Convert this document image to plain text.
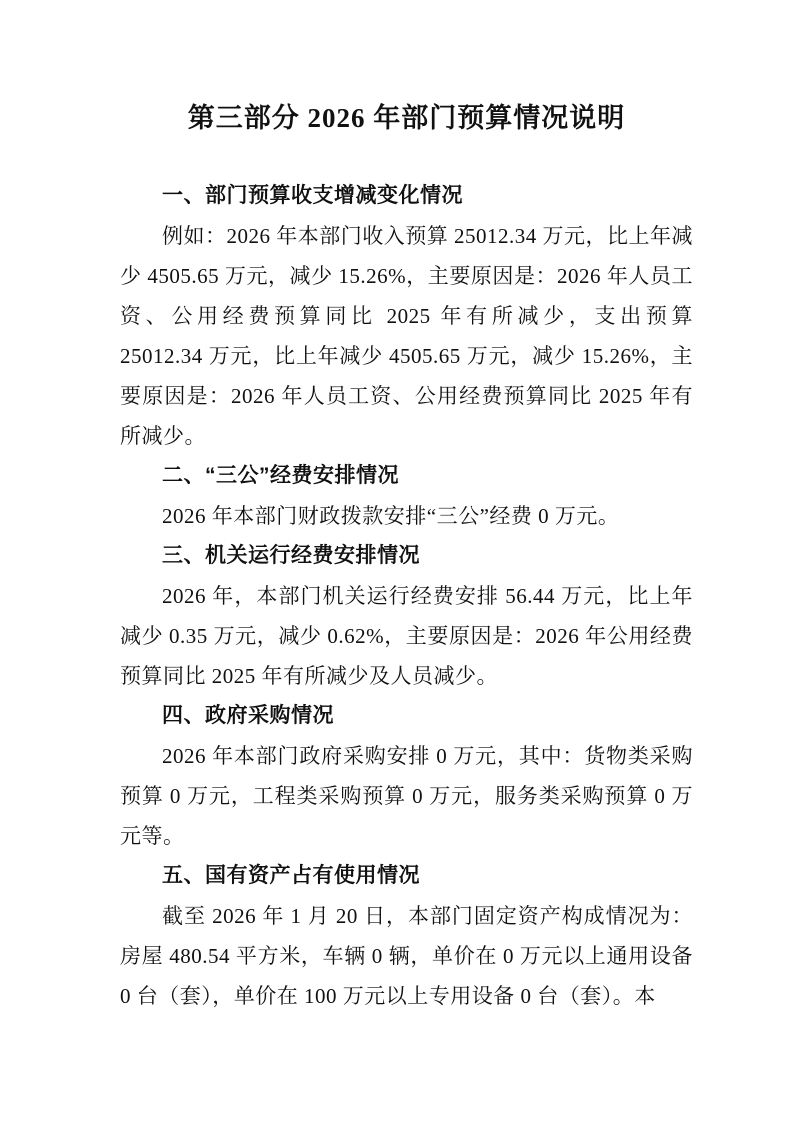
第三部分 2026 年部门预算情况说明
一、部门预算收支增减变化情况

例如：2026 年本部门收入预算 25012.34 万元，比上年减少 4505.65 万元，减少 15.26%，主要原因是：2026 年人员工资、公用经费预算同比 2025 年有所减少，支出预算 25012.34 万元，比上年减少 4505.65 万元，减少 15.26%，主要原因是：2026 年人员工资、公用经费预算同比 2025 年有所减少。

二、“三公”经费安排情况

2026 年本部门财政拨款安排“三公”经费 0 万元。

三、机关运行经费安排情况

2026 年，本部门机关运行经费安排 56.44 万元，比上年减少 0.35 万元，减少 0.62%，主要原因是：2026 年公用经费预算同比 2025 年有所减少及人员减少。

四、政府采购情况

2026 年本部门政府采购安排 0 万元，其中：货物类采购预算 0 万元，工程类采购预算 0 万元，服务类采购预算 0 万元等。

五、国有资产占有使用情况

截至 2026 年 1 月 20 日，本部门固定资产构成情况为：房屋 480.54 平方米，车辆 0 辆，单价在 0 万元以上通用设备 0 台（套），单价在 100 万元以上专用设备 0 台（套）。本
